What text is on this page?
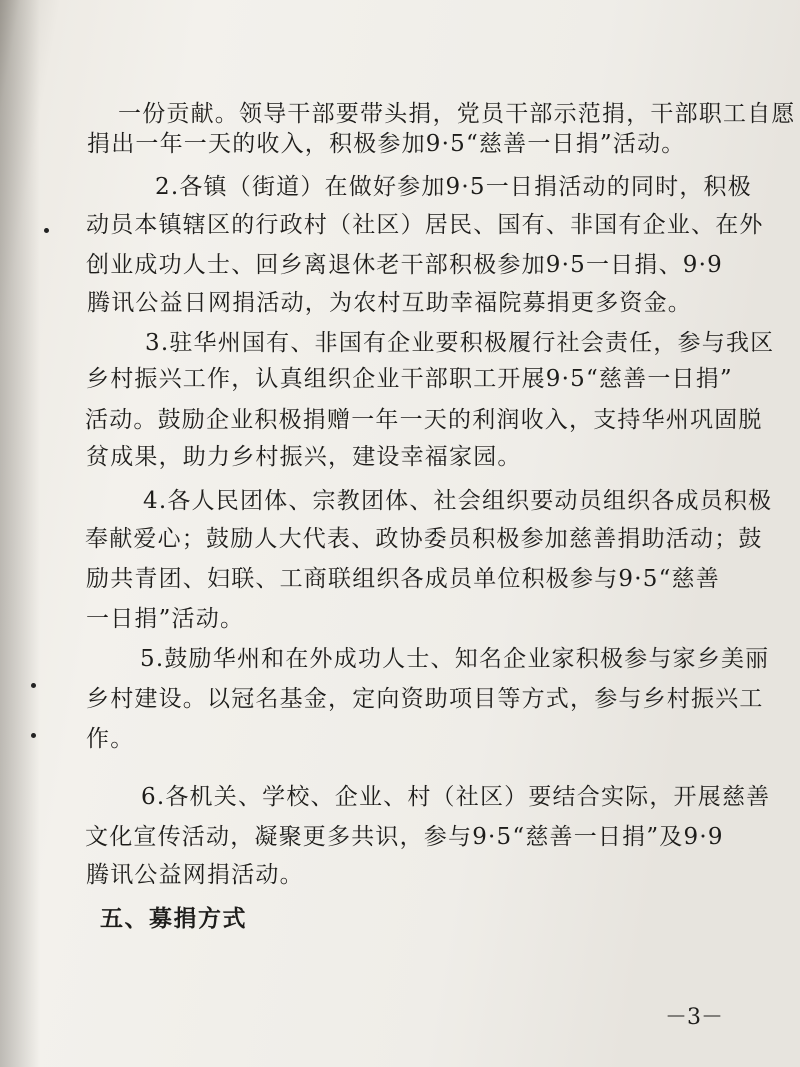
一份贡献。领导干部要带头捐，党员干部示范捐，干部职工自愿
捐出一年一天的收入，积极参加9·5“慈善一日捐”活动。
2.各镇（街道）在做好参加9·5一日捐活动的同时，积极
动员本镇辖区的行政村（社区）居民、国有、非国有企业、在外
创业成功人士、回乡离退休老干部积极参加9·5一日捐、9·9
腾讯公益日网捐活动，为农村互助幸福院募捐更多资金。
3.驻华州国有、非国有企业要积极履行社会责任，参与我区
乡村振兴工作，认真组织企业干部职工开展9·5“慈善一日捐”
活动。鼓励企业积极捐赠一年一天的利润收入，支持华州巩固脱
贫成果，助力乡村振兴，建设幸福家园。
4.各人民团体、宗教团体、社会组织要动员组织各成员积极
奉献爱心；鼓励人大代表、政协委员积极参加慈善捐助活动；鼓
励共青团、妇联、工商联组织各成员单位积极参与9·5“慈善
一日捐”活动。
5.鼓励华州和在外成功人士、知名企业家积极参与家乡美丽
乡村建设。以冠名基金，定向资助项目等方式，参与乡村振兴工
作。
6.各机关、学校、企业、村（社区）要结合实际，开展慈善
文化宣传活动，凝聚更多共识，参与9·5“慈善一日捐”及9·9
腾讯公益网捐活动。
五、募捐方式
－3－
